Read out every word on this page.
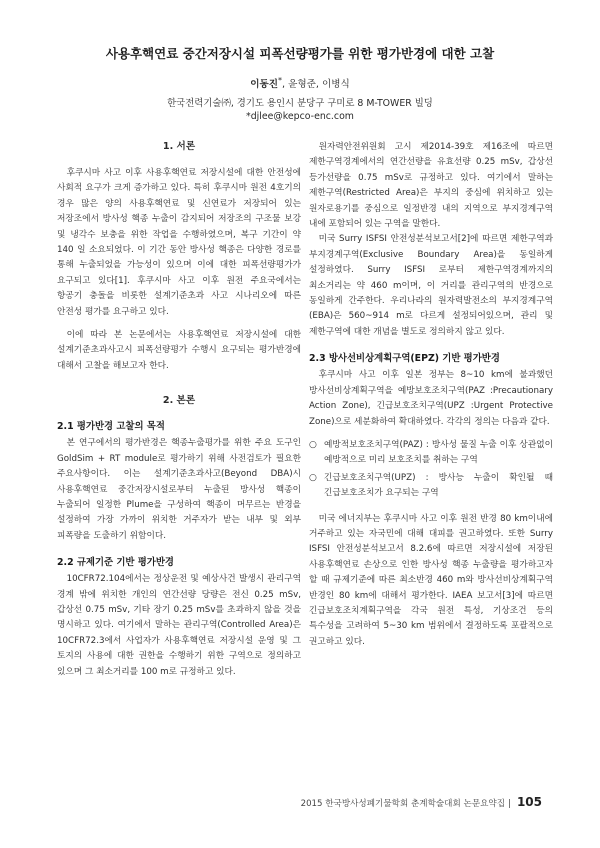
사용후핵연료 중간저장시설 피폭선량평가를 위한 평가반경에 대한 고찰
이동진*, 윤형준, 이병식
한국전력기술㈜, 경기도 용인시 분당구 구미로 8 M-TOWER 빌딩
*djlee@kepco-enc.com
1. 서론

후쿠시마 사고 이후 사용후핵연료 저장시설에 대한 안전성에 사회적 요구가 크게 증가하고 있다. 특히 후쿠시마 원전 4호기의 경우 많은 양의 사용후핵연료 및 신연료가 저장되어 있는 저장조에서 방사성 핵종 누출이 감지되어 저장조의 구조물 보강 및 냉각수 보충을 위한 작업을 수행하였으며, 복구 기간이 약 140 일 소요되었다. 이 기간 동안 방사성 핵종은 다양한 경로를 통해 누출되었을 가능성이 있으며 이에 대한 피폭선량평가가 요구되고 있다[1]. 후쿠시마 사고 이후 원전 주요국에서는 항공기 충돌을 비롯한 설계기준초과 사고 시나리오에 따른 안전성 평가를 요구하고 있다.

이에 따라 본 논문에서는 사용후핵연료 저장시설에 대한 설계기준초과사고시 피폭선량평가 수행시 요구되는 평가반경에 대해서 고찰을 해보고자 한다.

2. 본론
2.1 평가반경 고찰의 목적

본 연구에서의 평가반경은 핵종누출평가를 위한 주요 도구인 GoldSim + RT module로 평가하기 위해 사전검토가 필요한 주요사항이다. 이는 설계기준초과사고(Beyond DBA)시 사용후핵연료 중간저장시설로부터 누출된 방사성 핵종이 누출되어 일정한 Plume을 구성하여 핵종이 머무르는 반경을 설정하여 가장 가까이 위치한 거주자가 받는 내부 및 외부 피폭량을 도출하기 위함이다.

2.2 규제기준 기반 평가반경

10CFR72.104에서는 정상운전 및 예상사건 발생시 관리구역 경계 밖에 위치한 개인의 연간선량 당량은 전신 0.25 mSv, 갑상선 0.75 mSv, 기타 장기 0.25 mSv를 초과하지 않을 것을 명시하고 있다. 여기에서 말하는 관리구역(Controlled Area)은 10CFR72.3에서 사업자가 사용후핵연료 저장시설 운영 및 그 토지의 사용에 대한 권한을 수행하기 위한 구역으로 정의하고 있으며 그 최소거리를 100 m로 규정하고 있다.

원자력안전위원회 고시 제2014-39호 제16조에 따르면 제한구역경계에서의 연간선량을 유효선량 0.25 mSv, 갑상선 등가선량을 0.75 mSv로 규정하고 있다. 여기에서 말하는 제한구역(Restricted Area)은 부지의 중심에 위치하고 있는 원자로용기를 중심으로 일정반경 내의 지역으로 부지경계구역 내에 포함되어 있는 구역을 말한다.

미국 Surry ISFSI 안전성분석보고서[2]에 따르면 제한구역과 부지경계구역(Exclusive Boundary Area)을 동일하게 설정하였다. Surry ISFSI 로부터 제한구역경계까지의 최소거리는 약 460 m이며, 이 거리를 관리구역의 반경으로 동일하게 간주한다. 우리나라의 원자력발전소의 부지경계구역(EBA)은 560~914 m로 다르게 설정되어있으며, 관리 및 제한구역에 대한 개념을 별도로 정의하지 않고 있다.

2.3 방사선비상계획구역(EPZ) 기반 평가반경

후쿠시마 사고 이후 일본 정부는 8~10 km에 불과했던 방사선비상계획구역을 예방보호조치구역(PAZ :Precautionary Action Zone), 긴급보호조치구역(UPZ :Urgent Protective Zone)으로 세분화하여 확대하였다. 각각의 정의는 다음과 같다.

○ 예방적보호조치구역(PAZ) : 방사성 물질 누출 이후 상관없이 예방적으로 미리 보호조치를 취하는 구역
○ 긴급보호조치구역(UPZ) : 방사능 누출이 확인될 때 긴급보호조치가 요구되는 구역

미국 에너지부는 후쿠시마 사고 이후 원전 반경 80 km이내에 거주하고 있는 자국민에 대해 대피를 권고하였다. 또한 Surry ISFSI 안전성분석보고서 8.2.6에 따르면 저장시설에 저장된 사용후핵연료 손상으로 인한 방사성 핵종 누출량을 평가하고자 할 때 규제기준에 따른 최소반경 460 m와 방사선비상계획구역 반경인 80 km에 대해서 평가한다. IAEA 보고서[3]에 따르면 긴급보호조치계획구역을 각국 원전 특성, 기상조건 등의 특수성을 고려하여 5~30 km 범위에서 결정하도록 포괄적으로 권고하고 있다.

2015 한국방사성폐기물학회 춘계학술대회 논문요약집 | 105
